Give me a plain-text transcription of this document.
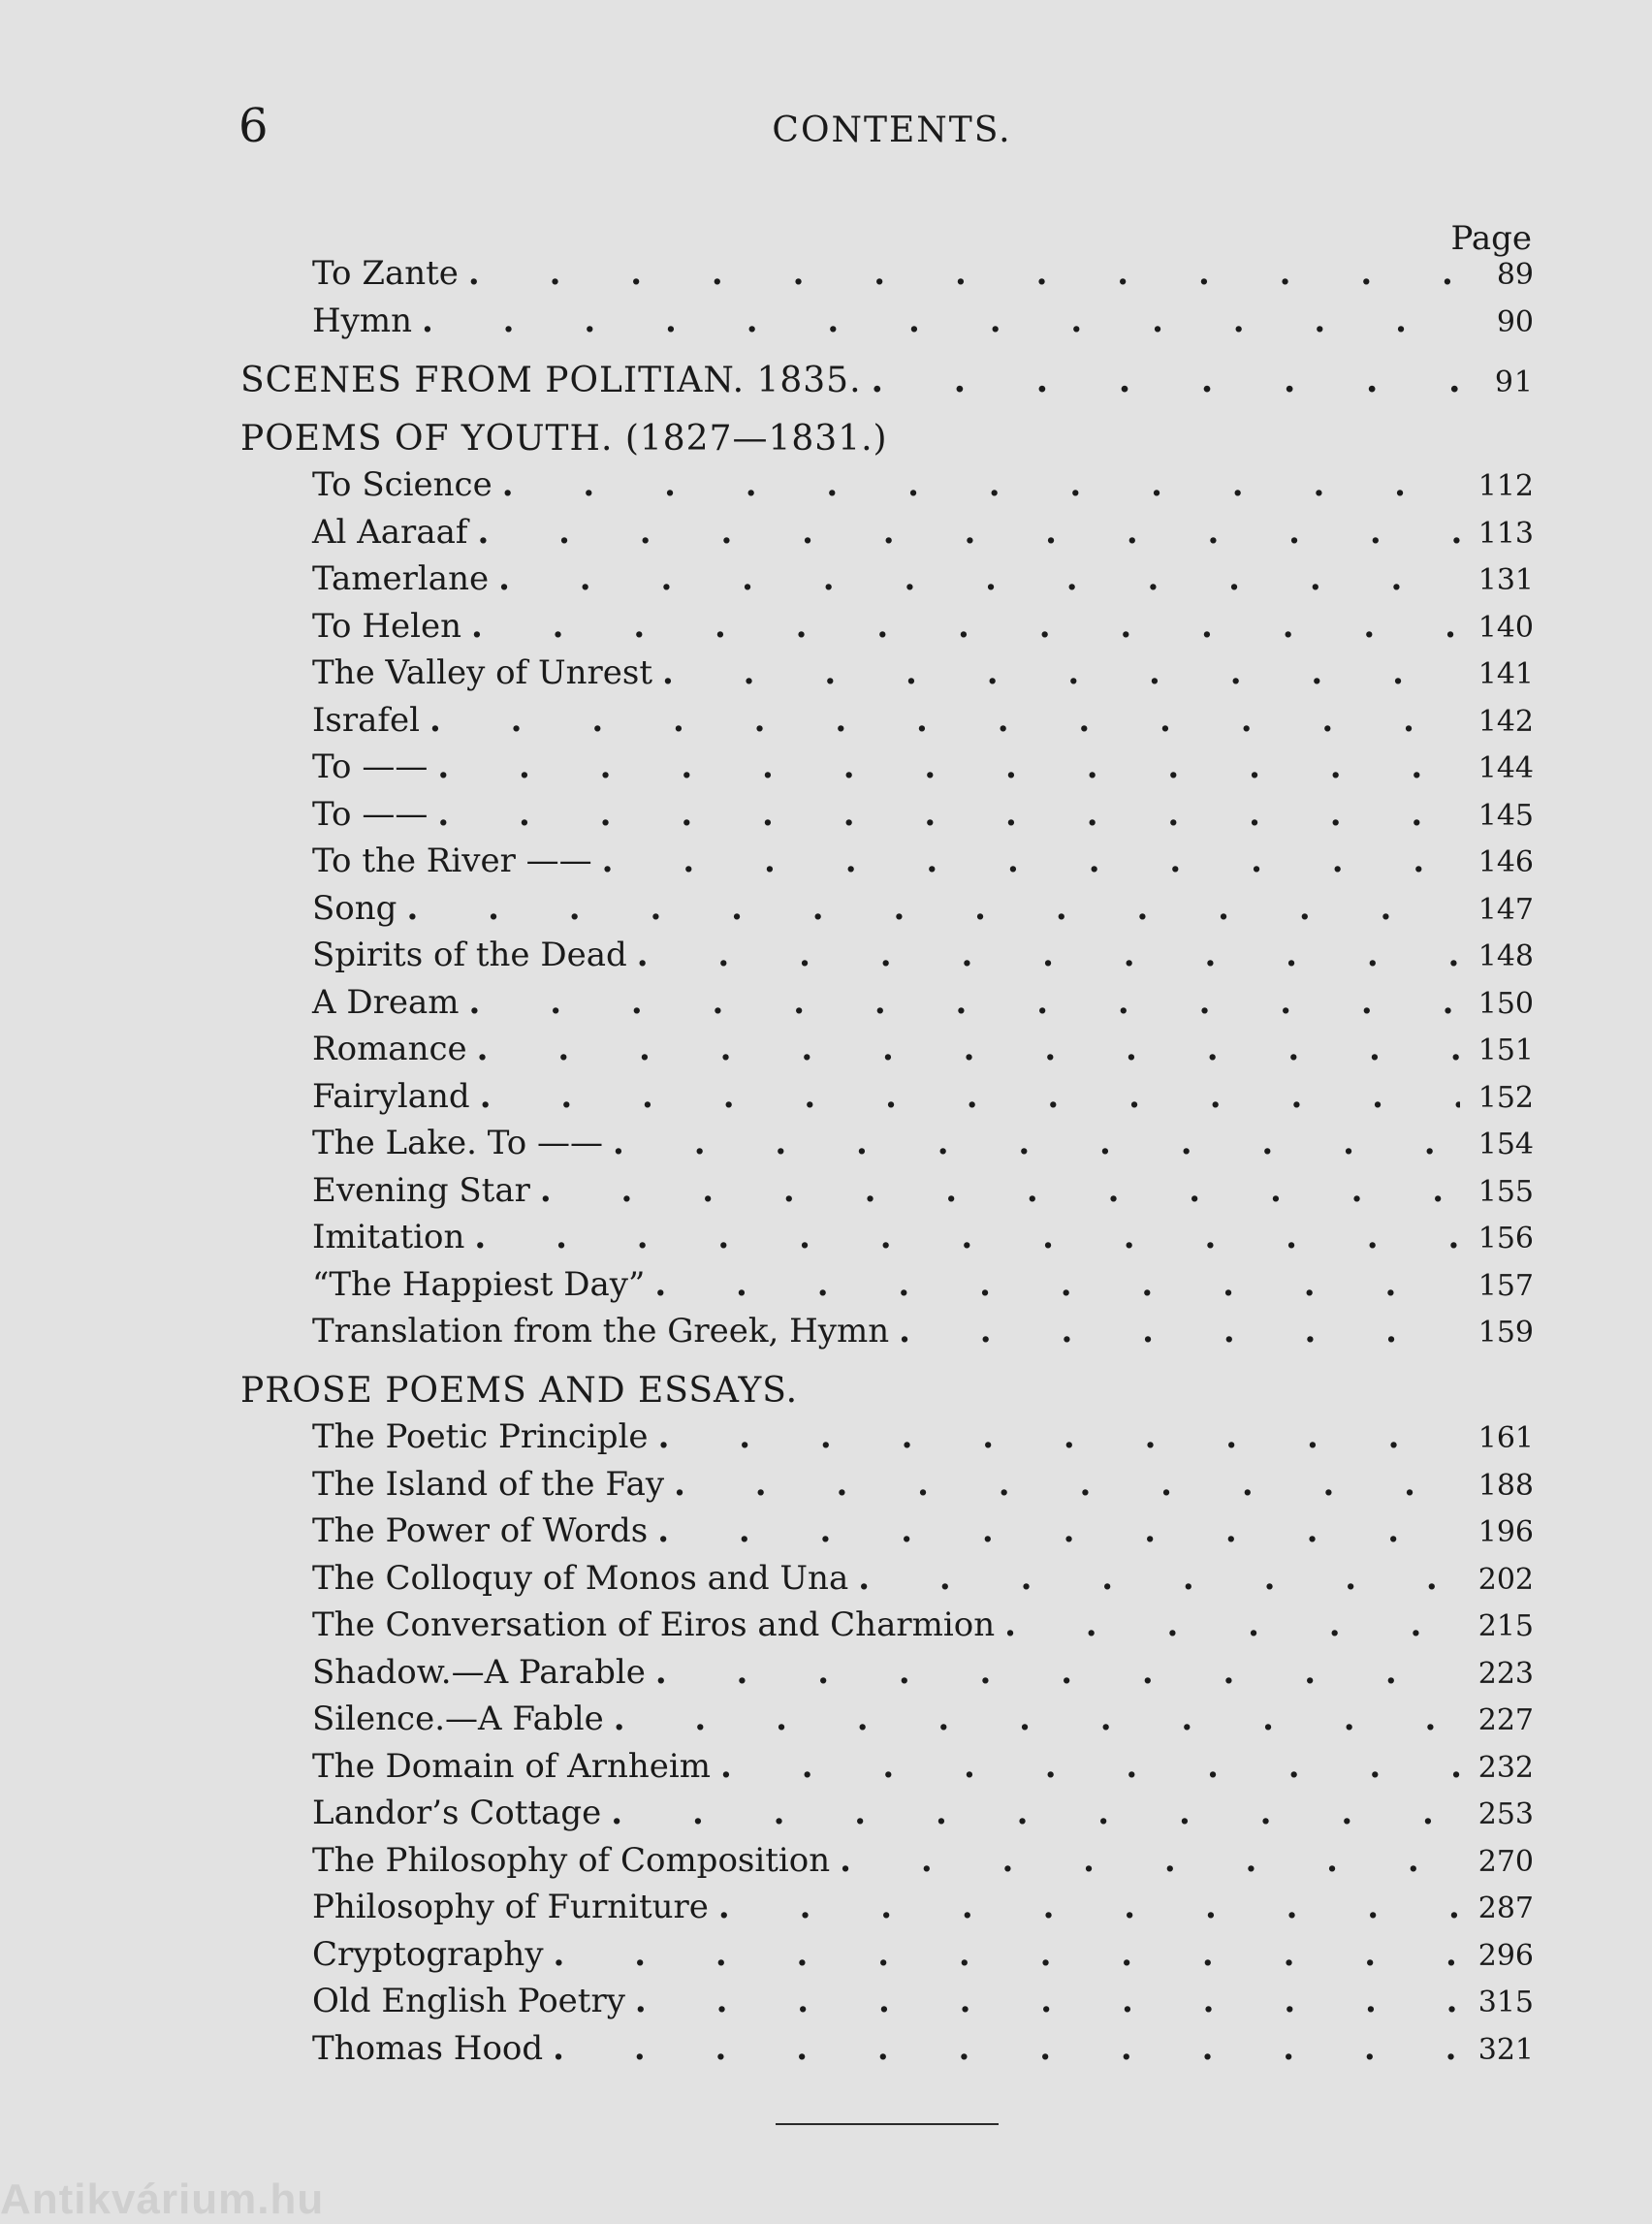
6	CONTENTS.
Page
To Zante . . .	89
Hymn . . .	90
SCENES FROM POLITIAN. 1835. . . .	91
POEMS OF YOUTH. (1827—1831.)
To Science . . .	112
Al Aaraaf . . .	113
Tamerlane . . .	131
To Helen . . .	140
The Valley of Unrest . . .	141
Israfel . . .	142
To —— . . .	144
To —— . . .	145
To the River —— . . .	146
Song . . .	147
Spirits of the Dead . . .	148
A Dream . . .	150
Romance . . .	151
Fairyland . . .	152
The Lake. To —— . . .	154
Evening Star . . .	155
Imitation . . .	156
“The Happiest Day” . . .	157
Translation from the Greek, Hymn . . .	159
PROSE POEMS AND ESSAYS.
The Poetic Principle . . .	161
The Island of the Fay . . .	188
The Power of Words . . .	196
The Colloquy of Monos and Una . . .	202
The Conversation of Eiros and Charmion . . .	215
Shadow.—A Parable . . .	223
Silence.—A Fable . . .	227
The Domain of Arnheim . . .	232
Landor’s Cottage . . .	253
The Philosophy of Composition . . .	270
Philosophy of Furniture . . .	287
Cryptography . . .	296
Old English Poetry . . .	315
Thomas Hood . . .	321
Antikvárium.hu
